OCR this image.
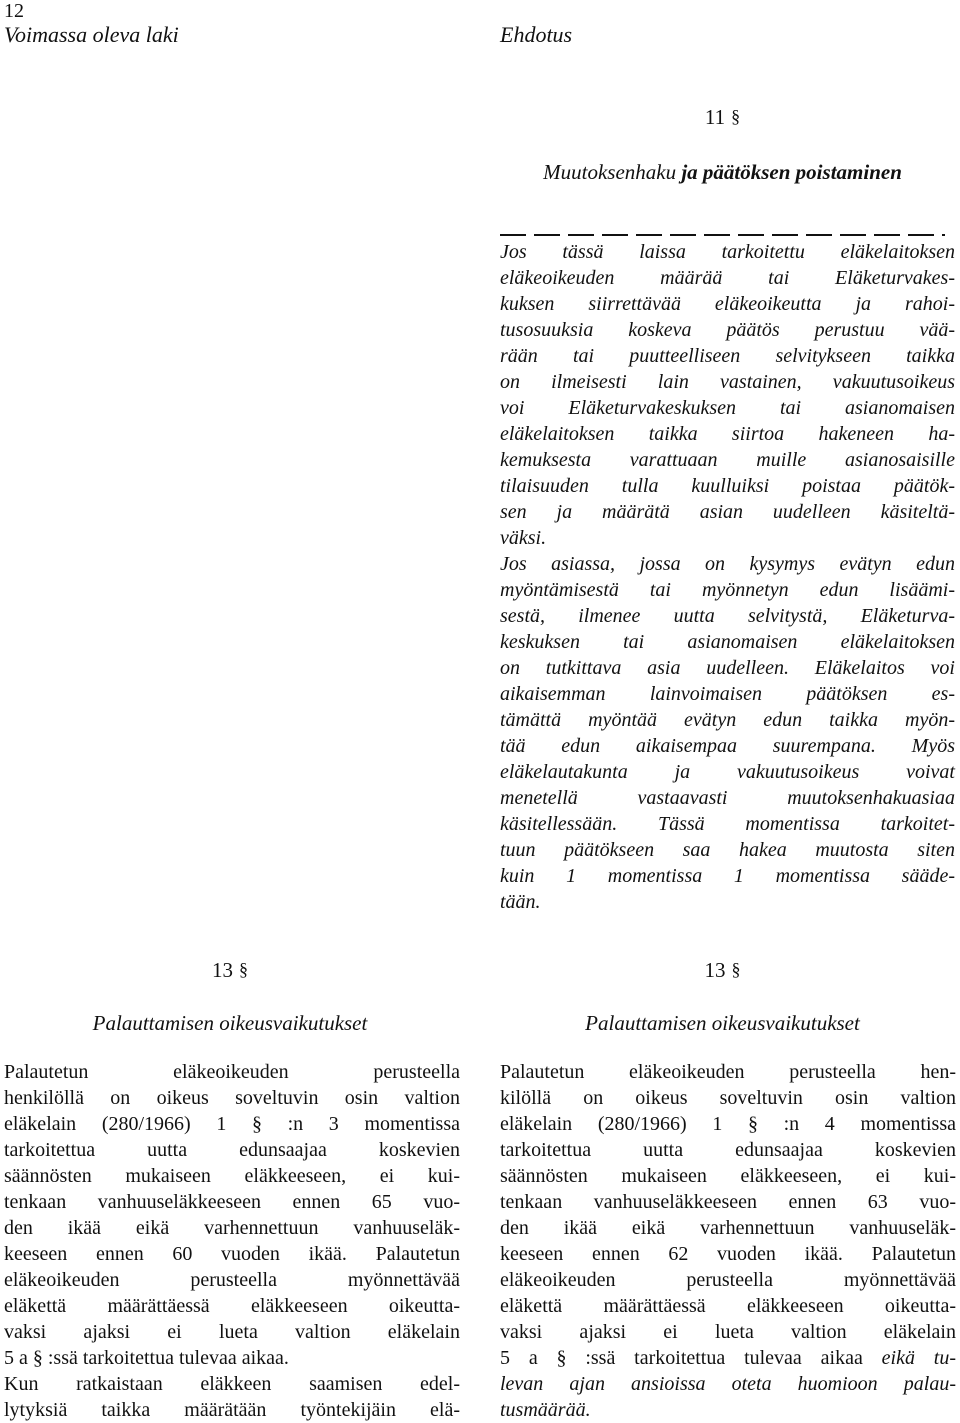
12
Voimassa oleva laki	Ehdotus
11 §
Muutoksenhaku ja päätöksen poistaminen
Jos tässä laissa tarkoitettu eläkelaitoksen
eläkeoikeuden määrää tai Eläketurvakes-
kuksen siirrettävää eläkeoikeutta ja rahoi-
tusosuuksia koskeva päätös perustuu vää-
rään tai puutteelliseen selvitykseen taikka
on ilmeisesti lain vastainen, vakuutusoikeus
voi Eläketurvakeskuksen tai asianomaisen
eläkelaitoksen taikka siirtoa hakeneen ha-
kemuksesta varattuaan muille asianosaisille
tilaisuuden tulla kuulluiksi poistaa päätök-
sen ja määrätä asian uudelleen käsiteltä-
väksi.
Jos asiassa, jossa on kysymys evätyn edun
myöntämisestä tai myönnetyn edun lisäämi-
sestä, ilmenee uutta selvitystä, Eläketurva-
keskuksen tai asianomaisen eläkelaitoksen
on tutkittava asia uudelleen. Eläkelaitos voi
aikaisemman lainvoimaisen päätöksen es-
tämättä myöntää evätyn edun taikka myön-
tää edun aikaisempaa suurempana. Myös
eläkelautakunta ja vakuutusoikeus voivat
menetellä vastaavasti muutoksenhakuasiaa
käsitellessään. Tässä momentissa tarkoitet-
tuun päätökseen saa hakea muutosta siten
kuin 1 momentissa 1 momentissa sääde-
tään.
13 §
Palauttamisen oikeusvaikutukset
Palautetun eläkeoikeuden perusteella
henkilöllä on oikeus soveltuvin osin valtion
eläkelain (280/1966) 1 § :n 3 momentissa
tarkoitettua uutta edunsaajaa koskevien
säännösten mukaiseen eläkkeeseen, ei kui-
tenkaan vanhuuseläkkeeseen ennen 65 vuo-
den ikää eikä varhennettuun vanhuuseläk-
keeseen ennen 60 vuoden ikää. Palautetun
eläkeoikeuden perusteella myönnettävää
eläkettä määrättäessä eläkkeeseen oikeutta-
vaksi ajaksi ei lueta valtion eläkelain
5 a § :ssä tarkoitettua tulevaa aikaa.
Kun ratkaistaan eläkkeen saamisen edel-
lytyksiä taikka määrätään työntekijäin elä-
13 §
Palauttamisen oikeusvaikutukset
Palautetun eläkeoikeuden perusteella hen-
kilöllä on oikeus soveltuvin osin valtion
eläkelain (280/1966) 1 § :n 4 momentissa
tarkoitettua uutta edunsaajaa koskevien
säännösten mukaiseen eläkkeeseen, ei kui-
tenkaan vanhuuseläkkeeseen ennen 63 vuo-
den ikää eikä varhennettuun vanhuuseläk-
keeseen ennen 62 vuoden ikää. Palautetun
eläkeoikeuden perusteella myönnettävää
eläkettä määrättäessä eläkkeeseen oikeutta-
vaksi ajaksi ei lueta valtion eläkelain
5 a § :ssä tarkoitettua tulevaa aikaa eikä tu-
levan ajan ansioissa oteta huomioon palau-
tusmäärää.
